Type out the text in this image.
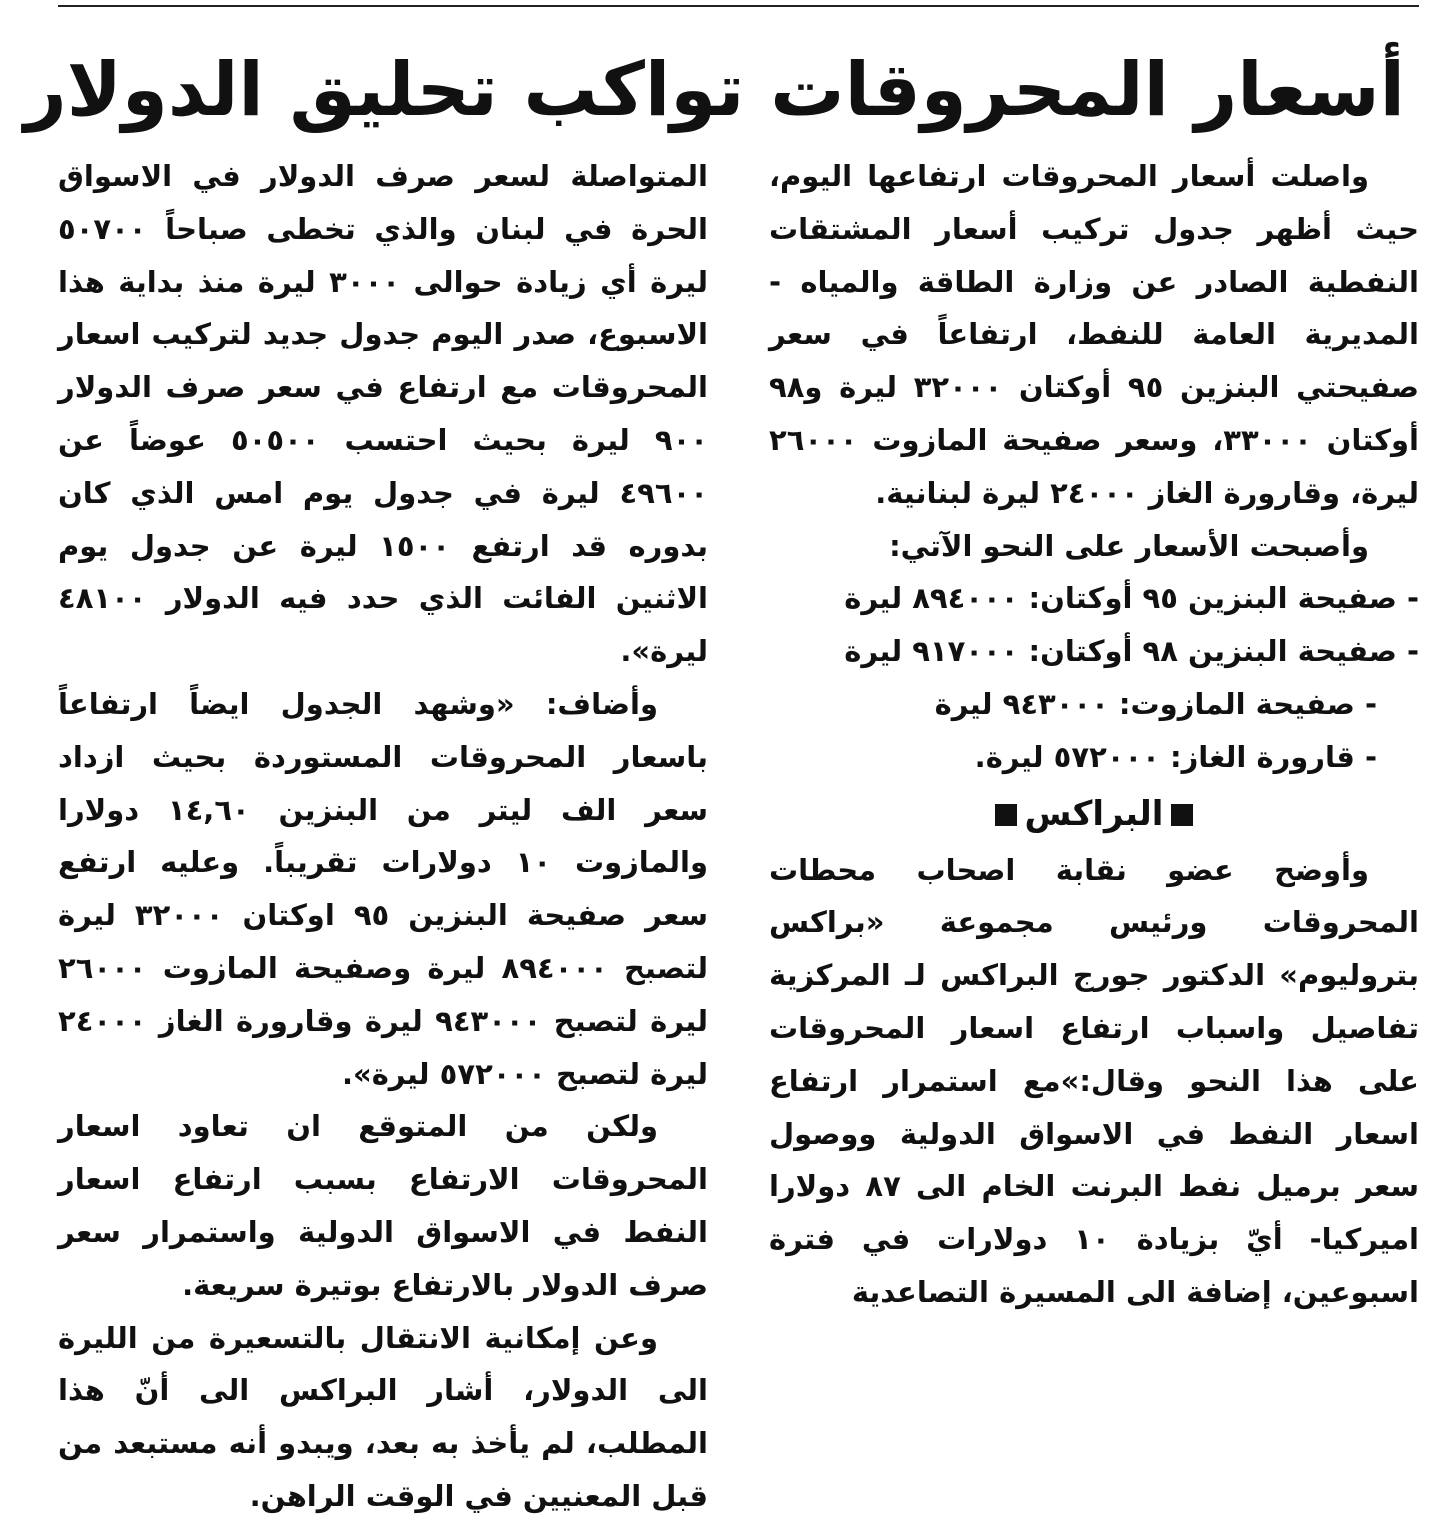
أسعار المحروقات تواكب تحليق الدولار

واصلت أسعار المحروقات ارتفاعها اليوم، حيث أظهر جدول تركيب أسعار المشتقات النفطية الصادر عن وزارة الطاقة والمياه - المديرية العامة للنفط، ارتفاعاً في سعر صفيحتي البنزين ٩٥ أوكتان ٣٢٠٠٠ ليرة و٩٨ أوكتان ٣٣٠٠٠، وسعر صفيحة المازوت ٢٦٠٠٠ ليرة، وقارورة الغاز ٢٤٠٠٠ ليرة لبنانية.

وأصبحت الأسعار على النحو الآتي:

- صفيحة البنزين ٩٥ أوكتان: ٨٩٤٠٠٠ ليرة

- صفيحة البنزين ٩٨ أوكتان: ٩١٧٠٠٠ ليرة

- صفيحة المازوت: ٩٤٣٠٠٠ ليرة

- قارورة الغاز: ٥٧٢٠٠٠ ليرة.

البراكس

وأوضح عضو نقابة اصحاب محطات المحروقات ورئيس مجموعة «براكس بتروليوم» الدكتور جورج البراكس لـ المركزية تفاصيل واسباب ارتفاع اسعار المحروقات على هذا النحو وقال:»مع استمرار ارتفاع اسعار النفط في الاسواق الدولية ووصول سعر برميل نفط البرنت الخام الى ٨٧ دولارا اميركيا- أيّ بزيادة ١٠ دولارات في فترة اسبوعين، إضافة الى المسيرة التصاعدية

المتواصلة لسعر صرف الدولار في الاسواق الحرة في لبنان والذي تخطى صباحاً ٥٠٧٠٠ ليرة أي زيادة حوالى ٣٠٠٠ ليرة منذ بداية هذا الاسبوع، صدر اليوم جدول جديد لتركيب اسعار المحروقات مع ارتفاع في سعر صرف الدولار ٩٠٠ ليرة بحيث احتسب ٥٠٥٠٠ عوضاً عن ٤٩٦٠٠ ليرة في جدول يوم امس الذي كان بدوره قد ارتفع ١٥٠٠ ليرة عن جدول يوم الاثنين الفائت الذي حدد فيه الدولار ٤٨١٠٠ ليرة».

وأضاف: «وشهد الجدول ايضاً ارتفاعاً باسعار المحروقات المستوردة بحيث ازداد سعر الف ليتر من البنزين ١٤,٦٠ دولارا والمازوت ١٠ دولارات تقريباً. وعليه ارتفع سعر صفيحة البنزين ٩٥ اوكتان ٣٢٠٠٠ ليرة لتصبح ٨٩٤٠٠٠ ليرة وصفيحة المازوت ٢٦٠٠٠ ليرة لتصبح ٩٤٣٠٠٠ ليرة وقارورة الغاز ٢٤٠٠٠ ليرة لتصبح ٥٧٢٠٠٠ ليرة».

ولكن من المتوقع ان تعاود اسعار المحروقات الارتفاع بسبب ارتفاع اسعار النفط في الاسواق الدولية واستمرار سعر صرف الدولار بالارتفاع بوتيرة سريعة.

وعن إمكانية الانتقال بالتسعيرة من الليرة الى الدولار، أشار البراكس الى أنّ هذا المطلب، لم يأخذ به بعد، ويبدو أنه مستبعد من قبل المعنيين في الوقت الراهن.
